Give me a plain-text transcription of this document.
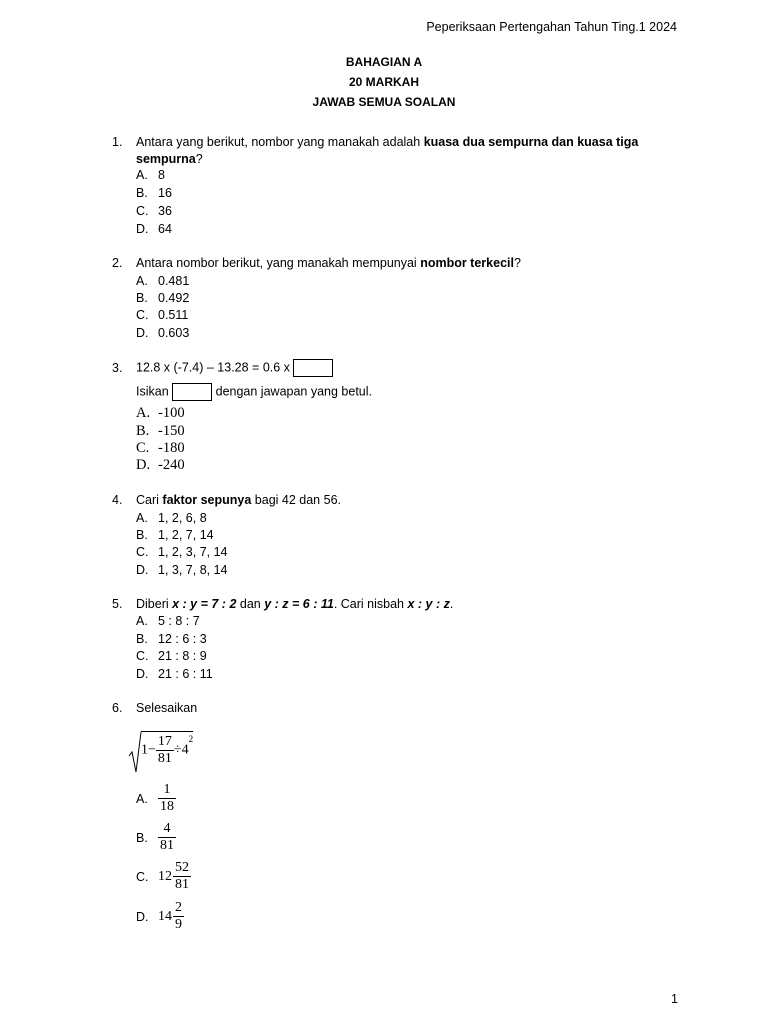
Peperiksaan Pertengahan Tahun Ting.1 2024
BAHAGIAN A
20 MARKAH
JAWAB SEMUA SOALAN
1. Antara yang berikut, nombor yang manakah adalah kuasa dua sempurna dan kuasa tiga
sempurna?
A. 8
B. 16
C. 36
D. 64
2. Antara nombor berikut, yang manakah mempunyai nombor terkecil?
A. 0.481
B. 0.492
C. 0.511
D. 0.603
3. 12.8 x (-7.4) – 13.28 = 0.6 x
Isikan	dengan jawapan yang betul.
A. -100
B. -150
C. -180
D. -240
4. Cari faktor sepunya bagi 42 dan 56.
A. 1, 2, 6, 8
B. 1, 2, 7, 14
C. 1, 2, 3, 7, 14
D. 1, 3, 7, 8, 14
5. Diberi x : y = 7 : 2 dan y : z = 6 : 11. Cari nisbah x : y : z.
A. 5 : 8 : 7
B. 12 : 6 : 3
C. 21 : 8 : 9
D. 21 : 6 : 11
6. Selesaikan
$1- \frac{17}{81} \div 4^2$
A. $\frac{1}{18}$
B. $\frac{4}{81}$
C. $12 \frac{52}{81}$
D. $14 \frac{2}{9}$
1
